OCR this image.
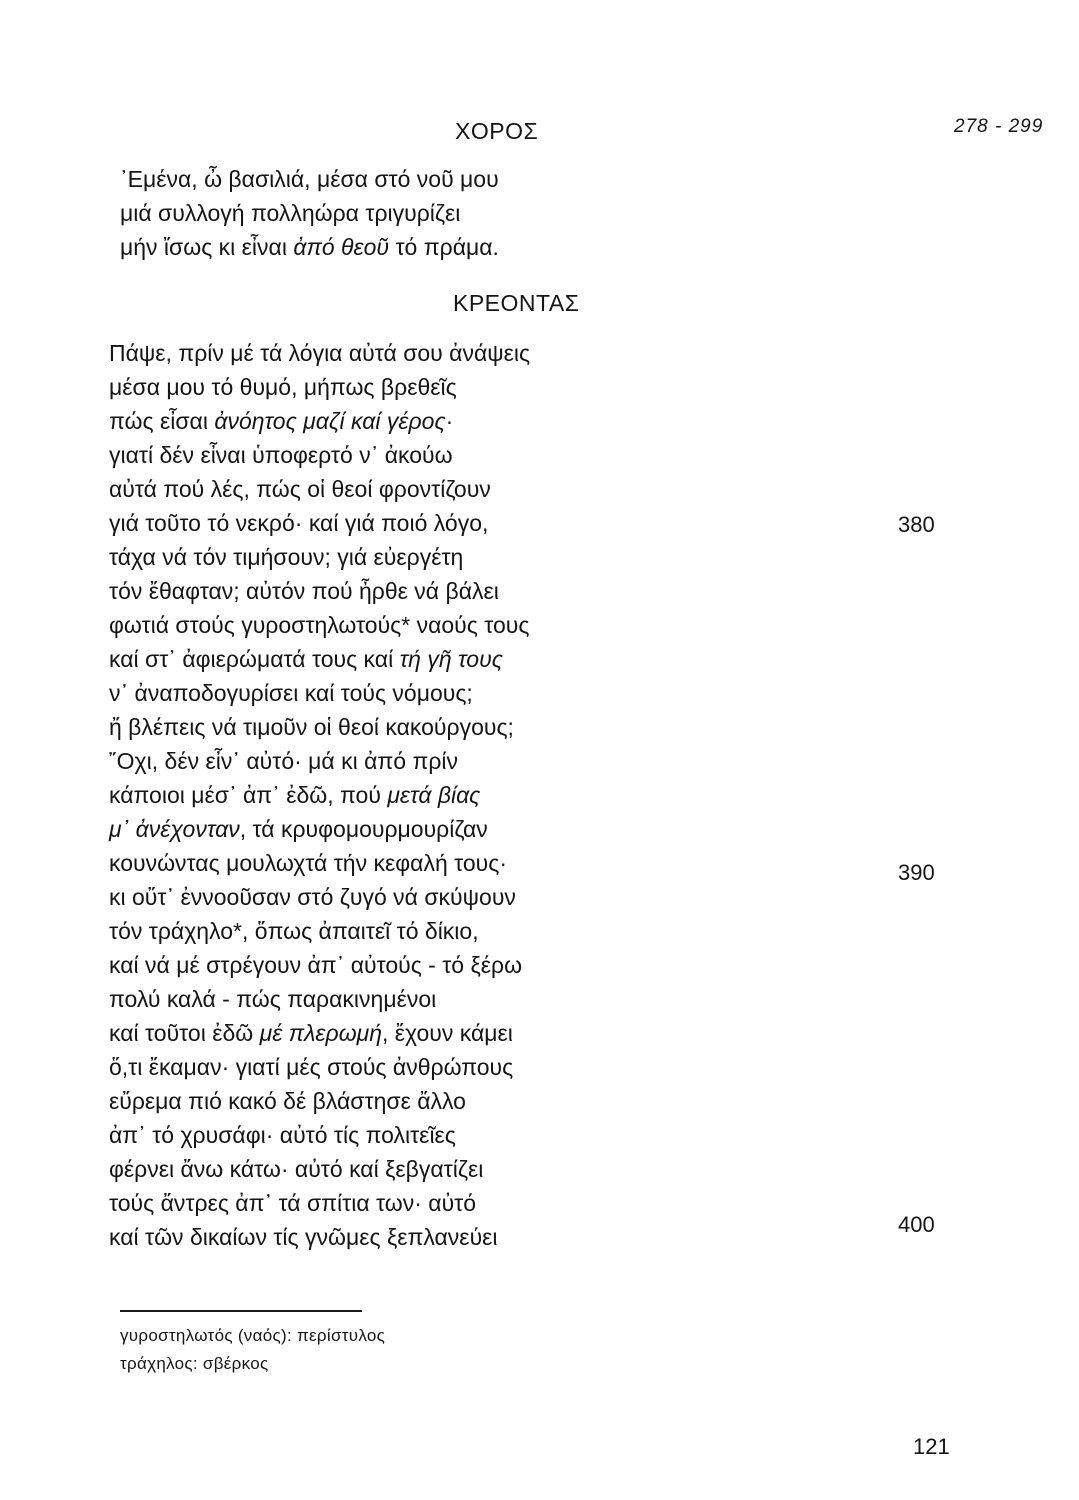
278 - 299
ΧΟΡΟΣ
᾿Εμένα, ὦ βασιλιά, μέσα στό νοῦ μου
μιά συλλογή πολληώρα τριγυρίζει
μήν ἴσως κι εἶναι ἀπό θεοῦ τό πράμα.
ΚΡΕΟΝΤΑΣ
Πάψε, πρίν μέ τά λόγια αὐτά σου ἀνάψεις
μέσα μου τό θυμό, μήπως βρεθεῖς
πώς εἶσαι ἀνόητος μαζί καί γέρος·
γιατί δέν εἶναι ὑποφερτό ν᾿ ἀκούω
αὐτά πού λές, πώς οἱ θεοί φροντίζουν
γιά τοῦτο τό νεκρό· καί γιά ποιό λόγο,
τάχα νά τόν τιμήσουν; γιά εὐεργέτη
τόν ἔθαφταν; αὐτόν πού ἦρθε νά βάλει
φωτιά στούς γυροστηλωτούς* ναούς τους
καί στ᾿ ἀφιερώματά τους καί τή γῆ τους
ν᾿ ἀναποδογυρίσει καί τούς νόμους;
ἤ βλέπεις νά τιμοῦν οἱ θεοί κακούργους;
῎Οχι, δέν εἶν᾿ αὐτό· μά κι ἀπό πρίν
κάποιοι μέσ᾿ ἀπ᾿ ἐδῶ, πού μετά βίας
μ᾿ ἀνέχονταν, τά κρυφομουρμουρίζαν
κουνώντας μουλωχτά τήν κεφαλή τους·
κι οὔτ᾿ ἐννοοῦσαν στό ζυγό νά σκύψουν
τόν τράχηλο*, ὅπως ἀπαιτεῖ τό δίκιο,
καί νά μέ στρέγουν ἀπ᾿ αὐτούς - τό ξέρω
πολύ καλά - πώς παρακινημένοι
καί τοῦτοι ἐδῶ μέ πλερωμή, ἔχουν κάμει
ὅ,τι ἔκαμαν· γιατί μές στούς ἀνθρώπους
εὔρεμα πιό κακό δέ βλάστησε ἄλλο
ἀπ᾿ τό χρυσάφι· αὐτό τίς πολιτεῖες
φέρνει ἄνω κάτω· αὐτό καί ξεβγατίζει
τούς ἄντρες ἀπ᾿ τά σπίτια των· αὐτό
καί τῶν δικαίων τίς γνῶμες ξεπλανεύει
380
390
400
γυροστηλωτός (ναός): περίστυλος
τράχηλος: σβέρκος
121
